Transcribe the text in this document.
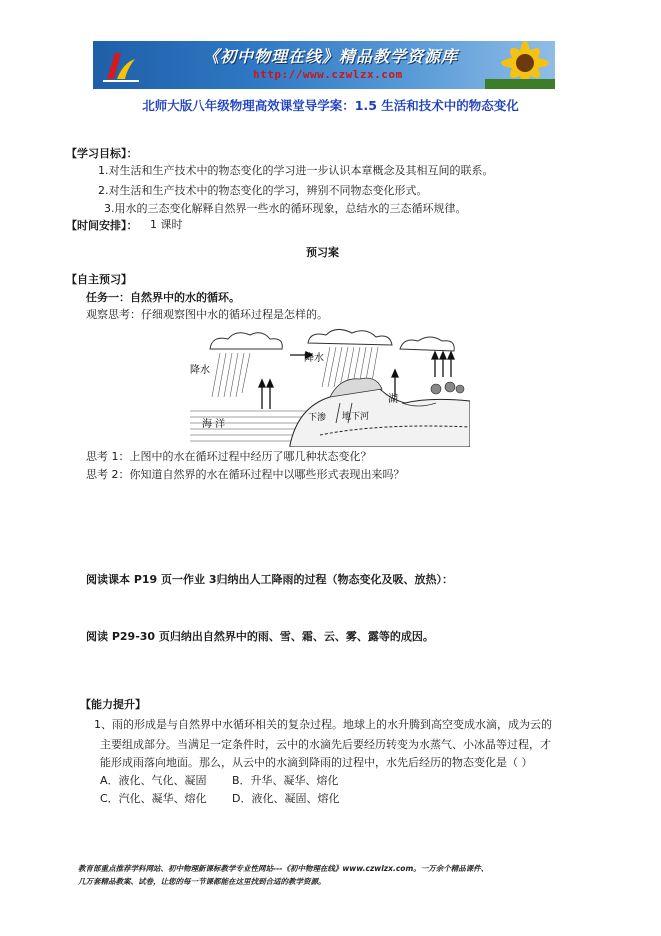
《初中物理在线》精品教学资源库
http://www.czwlzx.com
北师大版八年级物理高效课堂导学案：1.5 生活和技术中的物态变化
【学习目标】：
1.对生活和生产技术中的物态变化的学习进一步认识本章概念及其相互间的联系。
2.对生活和生产技术中的物态变化的学习，辨别不同物态变化形式。
3.用水的三态变化解释自然界一些水的循环现象，总结水的三态循环规律。
【时间安排】： 1 课时
预习案
【自主预习】
任务一：自然界中的水的循环。
观察思考：仔细观察图中水的循环过程是怎样的。
降水
降水
海 洋
湖
下渗 地下河
思考 1：上图中的水在循环过程中经历了哪几种状态变化？
思考 2：你知道自然界的水在循环过程中以哪些形式表现出来吗？
阅读课本 P19 页一作业 3归纳出人工降雨的过程（物态变化及吸、放热）：
阅读 P29-30 页归纳出自然界中的雨、雪、霜、云、雾、露等的成因。
【能力提升】
1、雨的形成是与自然界中水循环相关的复杂过程。地球上的水升腾到高空变成水滴，成为云的
主要组成部分。当满足一定条件时，云中的水滴先后要经历转变为水蒸气、小冰晶等过程，才
能形成雨落向地面。那么，从云中的水滴到降雨的过程中，水先后经历的物态变化是（ ）
A．液化、气化、凝固 B．升华、凝华、熔化
C．汽化、凝华、熔化 D．液化、凝固、熔化
教育部重点推荐学科网站、初中物理新课标教学专业性网站---《初中物理在线》www.czwlzx.com。一万余个精品课件、
几万套精品教案、试卷，让您的每一节课都能在这里找到合适的教学资源。
